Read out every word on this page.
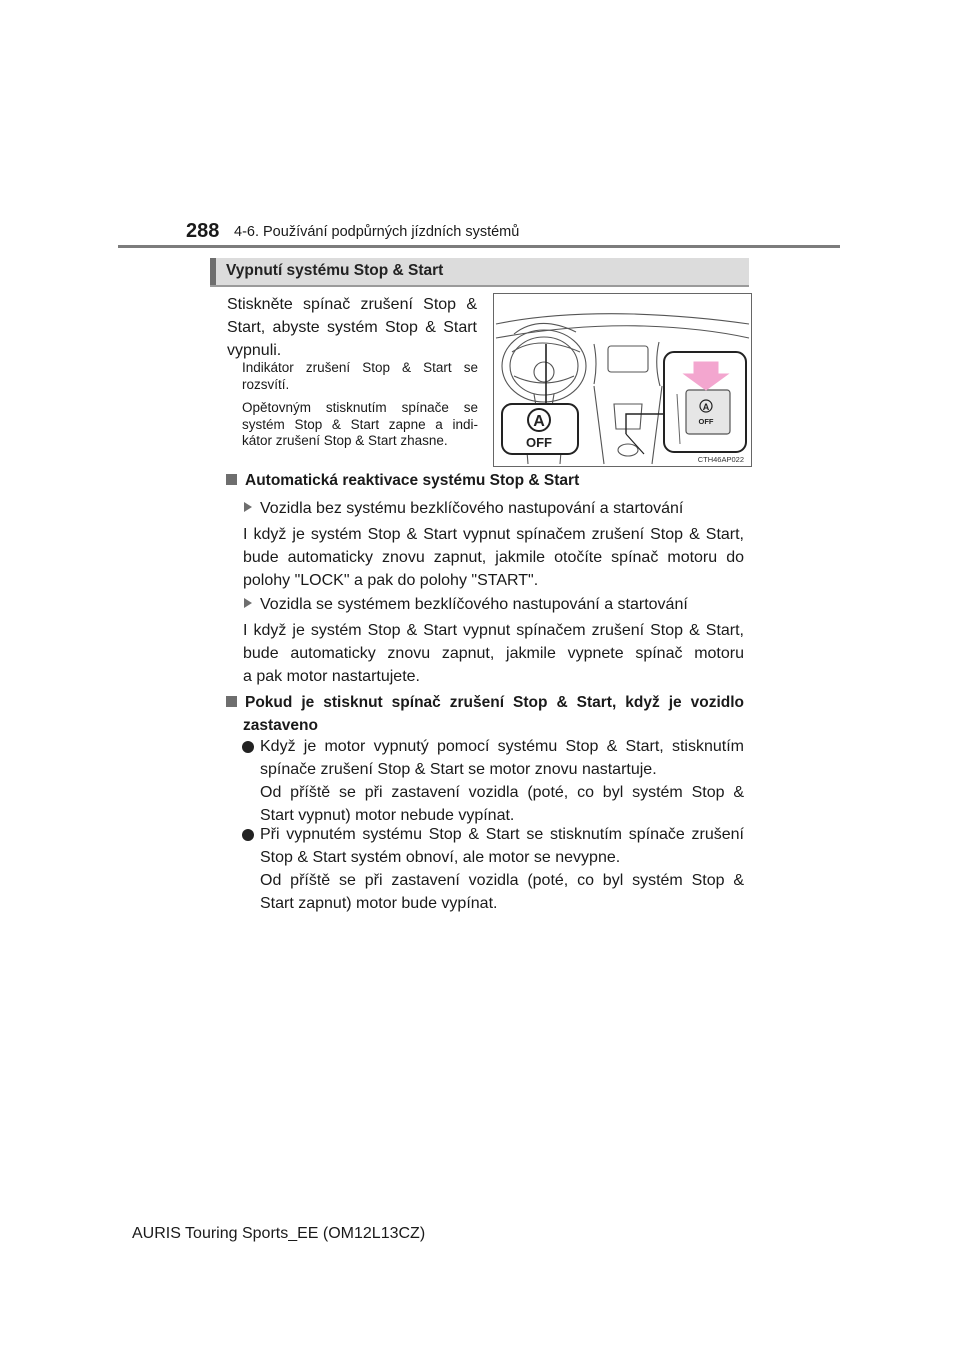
288 4-6. Používání podpůrných jízdních systémů
Vypnutí systému Stop & Start
Stiskněte spínač zrušení Stop &
Start, abyste systém Stop & Start
vypnuli.
Indikátor zrušení Stop & Start se
rozsvítí.
Opětovným stisknutím spínače se
systém Stop & Start zapne a indi-
kátor zrušení Stop & Start zhasne.
A
OFF
A
OFF
CTH46AP022
Automatická reaktivace systému Stop & Start
Vozidla bez systému bezklíčového nastupování a startování
I když je systém Stop & Start vypnut spínačem zrušení Stop & Start,
bude automaticky znovu zapnut, jakmile otočíte spínač motoru do
polohy "LOCK" a pak do polohy "START".
Vozidla se systémem bezklíčového nastupování a startování
I když je systém Stop & Start vypnut spínačem zrušení Stop & Start,
bude automaticky znovu zapnut, jakmile vypnete spínač motoru
a pak motor nastartujete.
Pokud je stisknut spínač zrušení Stop & Start, když je vozidlo
zastaveno
Když je motor vypnutý pomocí systému Stop & Start, stisknutím
spínače zrušení Stop & Start se motor znovu nastartuje.
Od příště se při zastavení vozidla (poté, co byl systém Stop &
Start vypnut) motor nebude vypínat.
Při vypnutém systému Stop & Start se stisknutím spínače zrušení
Stop & Start systém obnoví, ale motor se nevypne.
Od příště se při zastavení vozidla (poté, co byl systém Stop &
Start zapnut) motor bude vypínat.
AURIS Touring Sports_EE (OM12L13CZ)
